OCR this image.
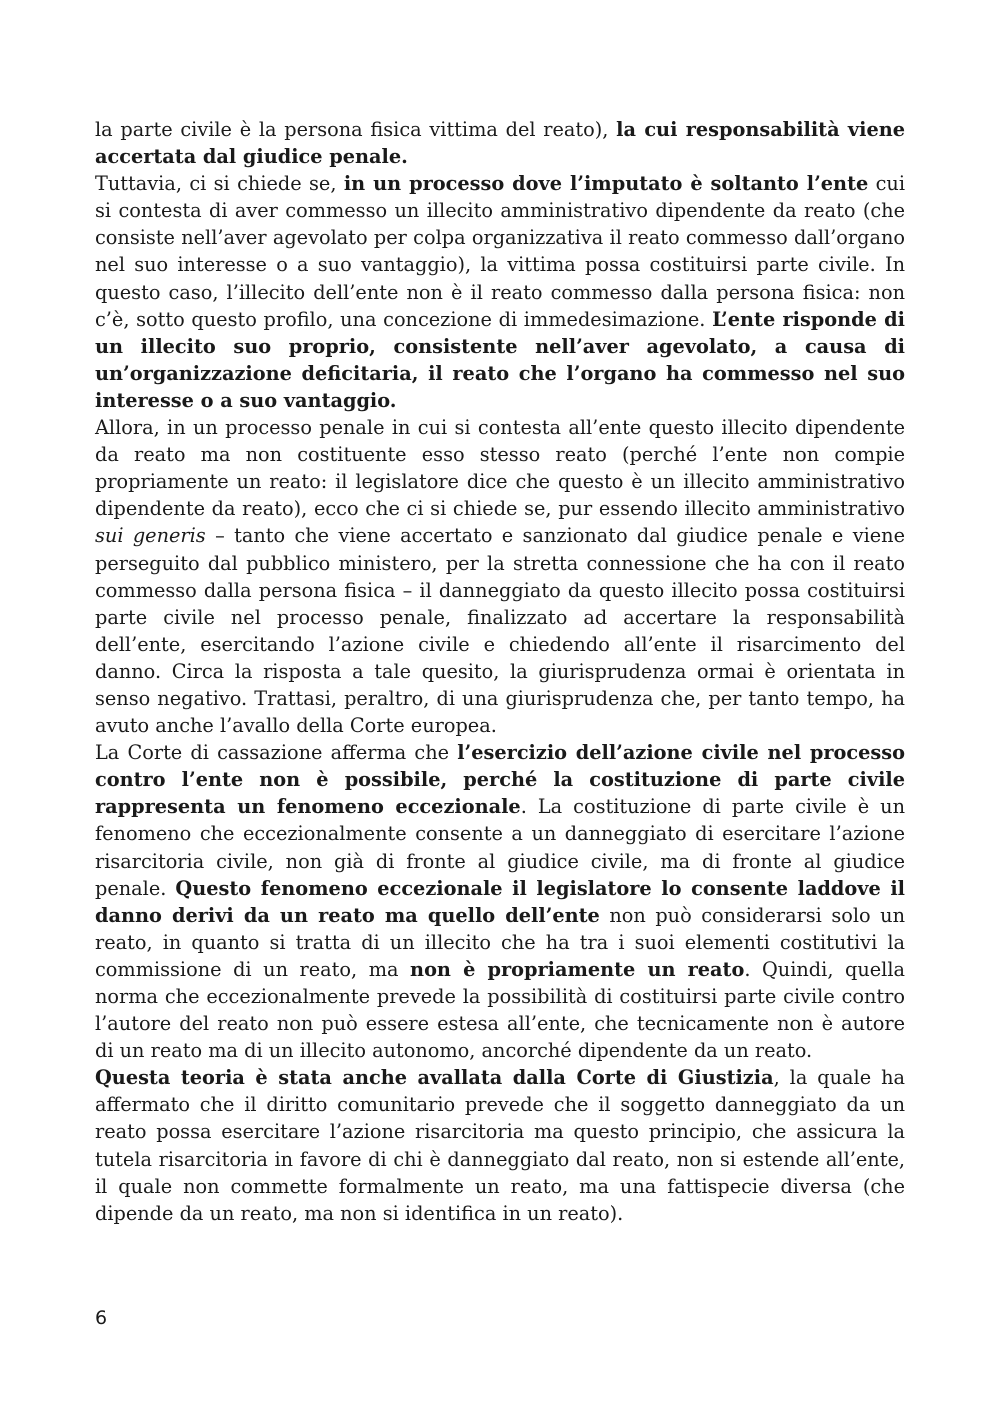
la parte civile è la persona fisica vittima del reato), la cui responsabilità viene accertata dal giudice penale.

Tuttavia, ci si chiede se, in un processo dove l’imputato è soltanto l’ente cui si contesta di aver commesso un illecito amministrativo dipendente da reato (che consiste nell’aver agevolato per colpa organizzativa il reato commesso dall’organo nel suo interesse o a suo vantaggio), la vittima possa costituirsi parte civile. In questo caso, l’illecito dell’ente non è il reato commesso dalla persona fisica: non c’è, sotto questo profilo, una concezione di immedesimazione. L’ente risponde di un illecito suo proprio, consistente nell’aver agevolato, a causa di un’organizzazione deficitaria, il reato che l’organo ha commesso nel suo interesse o a suo vantaggio.

Allora, in un processo penale in cui si contesta all’ente questo illecito dipendente da reato ma non costituente esso stesso reato (perché l’ente non compie propriamente un reato: il legislatore dice che questo è un illecito amministrativo dipendente da reato), ecco che ci si chiede se, pur essendo illecito amministrativo sui generis – tanto che viene accertato e sanzionato dal giudice penale e viene perseguito dal pubblico ministero, per la stretta connessione che ha con il reato commesso dalla persona fisica – il danneggiato da questo illecito possa costituirsi parte civile nel processo penale, finalizzato ad accertare la responsabilità dell’ente, esercitando l’azione civile e chiedendo all’ente il risarcimento del danno. Circa la risposta a tale quesito, la giurisprudenza ormai è orientata in senso negativo. Trattasi, peraltro, di una giurisprudenza che, per tanto tempo, ha avuto anche l’avallo della Corte europea.

La Corte di cassazione afferma che l’esercizio dell’azione civile nel processo contro l’ente non è possibile, perché la costituzione di parte civile rappresenta un fenomeno eccezionale. La costituzione di parte civile è un fenomeno che eccezionalmente consente a un danneggiato di esercitare l’azione risarcitoria civile, non già di fronte al giudice civile, ma di fronte al giudice penale. Questo fenomeno eccezionale il legislatore lo consente laddove il danno derivi da un reato ma quello dell’ente non può considerarsi solo un reato, in quanto si tratta di un illecito che ha tra i suoi elementi costitutivi la commissione di un reato, ma non è propriamente un reato. Quindi, quella norma che eccezionalmente prevede la possibilità di costituirsi parte civile contro l’autore del reato non può essere estesa all’ente, che tecnicamente non è autore di un reato ma di un illecito autonomo, ancorché dipendente da un reato.

Questa teoria è stata anche avallata dalla Corte di Giustizia, la quale ha affermato che il diritto comunitario prevede che il soggetto danneggiato da un reato possa esercitare l’azione risarcitoria ma questo principio, che assicura la tutela risarcitoria in favore di chi è danneggiato dal reato, non si estende all’ente, il quale non commette formalmente un reato, ma una fattispecie diversa (che dipende da un reato, ma non si identifica in un reato).

6
